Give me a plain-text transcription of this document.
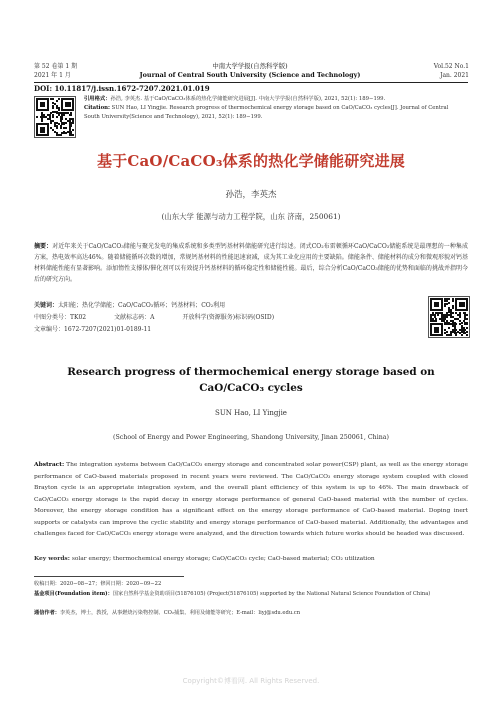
第 52 卷第 1 期
2021 年 1 月
中南大学学报(自然科学版)
Journal of Central South University (Science and Technology)
Vol.52 No.1
Jan. 2021
DOI: 10.11817/j.issn.1672-7207.2021.01.019
引用格式：孙浩, 李英杰. 基于CaO/CaCO₃体系的热化学储能研究进展[J]. 中南大学学报(自然科学版), 2021, 52(1): 189−199.
Citation: SUN Hao, LI Yingjie. Research progress of thermochemical energy storage based on CaO/CaCO₃ cycles[J]. Journal of Central South University(Science and Technology), 2021, 52(1): 189−199.
基于CaO/CaCO₃体系的热化学储能研究进展
孙浩，李英杰
(山东大学 能源与动力工程学院，山东 济南，250061)
摘要：对近年来关于CaO/CaCO₃储能与聚光发电的集成系统和多类型钙基材料储能研究进行综述。闭式CO₂布雷顿循环CaO/CaCO₃储能系统是最理想的一种集成方案，热电效率高达46%。随着储能循环次数的增加，常规钙基材料的性能迅速衰减，成为其工业化应用的主要缺陷。储能条件、储能材料的成分和微观形貌对钙基材料储能性能有显著影响。添加惰性支撑体/催化剂可以有效提升钙基材料的循环稳定性和储能性能。最后，综合分析CaO/CaCO₃储能的优势和面临的挑战并指明今后的研究方向。
关键词：太阳能；热化学储能；CaO/CaCO₃循环；钙基材料；CO₂利用
中图分类号：TK02	文献标志码：A	开放科学(资源服务)标识码(OSID)
文章编号：1672-7207(2021)01-0189-11
Research progress of thermochemical energy storage based on CaO/CaCO₃ cycles
SUN Hao, LI Yingjie
(School of Energy and Power Engineering, Shandong University, Jinan 250061, China)
Abstract: The integration systems between CaO/CaCO₃ energy storage and concentrated solar power(CSP) plant, as well as the energy storage performance of CaO-based materials proposed in recent years were reviewed. The CaO/CaCO₃ energy storage system coupled with closed Brayton cycle is an appropriate integration system, and the overall plant efficiency of this system is up to 46%. The main drawback of CaO/CaCO₃ energy storage is the rapid decay in energy storage performance of general CaO-based material with the number of cycles. Moreover, the energy storage condition has a significant effect on the energy storage performance of CaO-based material. Doping inert supports or catalysts can improve the cyclic stability and energy storage performance of CaO-based material. Additionally, the advantages and challenges faced for CaO/CaCO₃ energy storage were analyzed, and the direction towards which future works should be headed was discussed.
Key words: solar energy; thermochemical energy storage; CaO/CaCO₃ cycle; CaO-based material; CO₂ utilization
收稿日期：2020−08−27；修回日期：2020−09−22
基金项目(Foundation item)：国家自然科学基金资助项目(51876105) (Project(51876105) supported by the National Natural Science Foundation of China)
通信作者：李英杰，博士，教授，从事燃烧污染物控制、CO₂捕集、利用及储能等研究；E-mail：liyj@sdu.edu.cn
Copyright©博看网. All Rights Reserved.
